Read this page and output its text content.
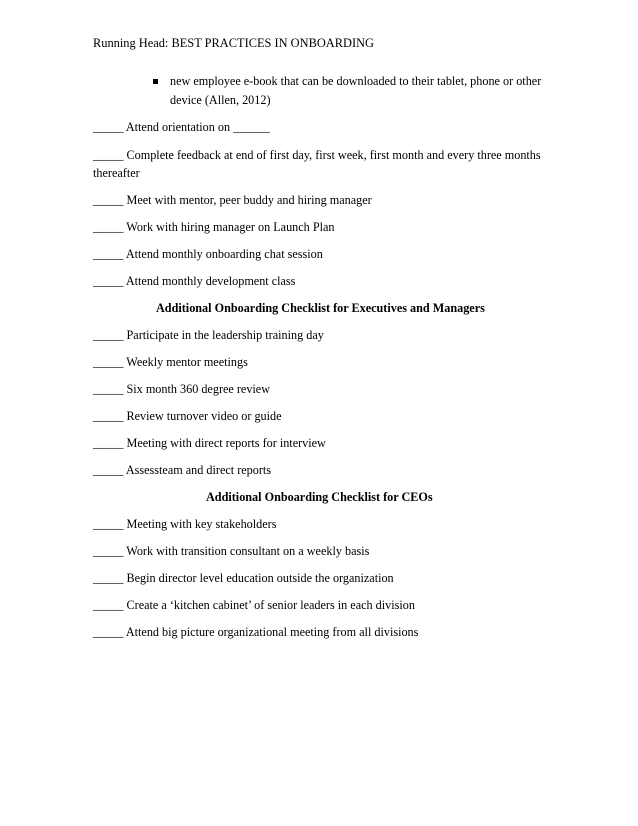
Running Head: BEST PRACTICES IN ONBOARDING
new employee e-book that can be downloaded to their tablet, phone or other
device (Allen, 2012)
_____ Attend orientation on ______
_____ Complete feedback at end of first day, first week, first month and every three months
thereafter
_____ Meet with mentor, peer buddy and hiring manager
_____ Work with hiring manager on Launch Plan
_____ Attend monthly onboarding chat session
_____ Attend monthly development class
Additional Onboarding Checklist for Executives and Managers
_____ Participate in the leadership training day
_____ Weekly mentor meetings
_____ Six month 360 degree review
_____ Review turnover video or guide
_____ Meeting with direct reports for interview
_____ Assessteam and direct reports
Additional Onboarding Checklist for CEOs
_____ Meeting with key stakeholders
_____ Work with transition consultant on a weekly basis
_____ Begin director level education outside the organization
_____ Create a ‘kitchen cabinet’ of senior leaders in each division
_____ Attend big picture organizational meeting from all divisions
